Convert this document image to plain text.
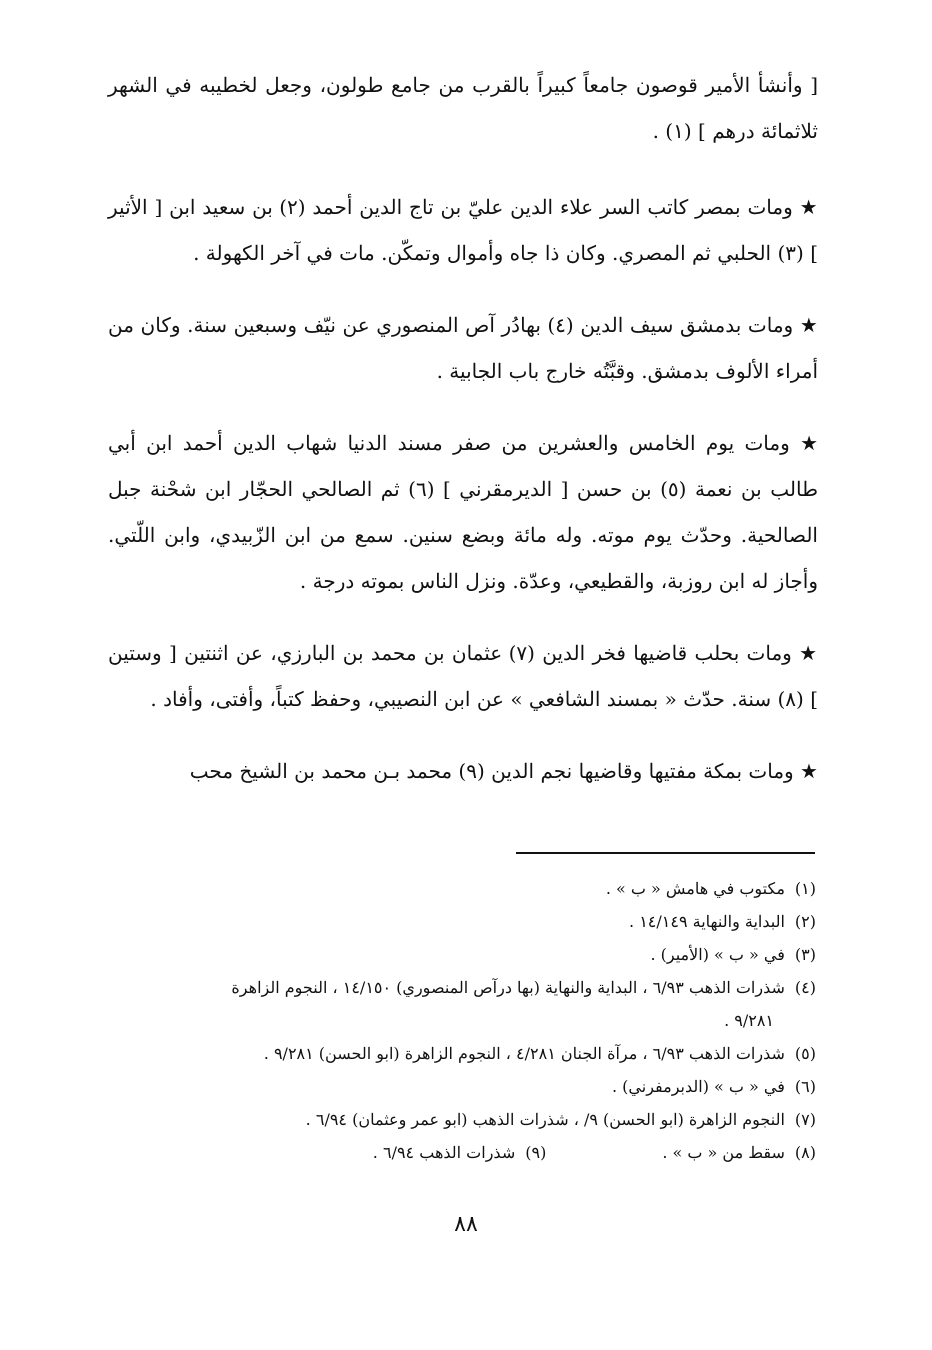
[ وأنشأ الأمير قوصون جامعاً كبيراً بالقرب من جامع طولون، وجعل لخطيبه في الشهر ثلاثمائة درهم ] (١) .

★ ومات بمصر كاتب السر علاء الدين عليّ بن تاج الدين أحمد (٢) بن سعيد ابن [ الأثير ] (٣) الحلبي ثم المصري. وكان ذا جاه وأموال وتمكّن. مات في آخر الكهولة .

★ ومات بدمشق سيف الدين (٤) بهادُر آص المنصوري عن نيّف وسبعين سنة. وكان من أمراء الألوف بدمشق. وقبَّتُه خارج باب الجابية .

★ ومات يوم الخامس والعشرين من صفر مسند الدنيا شهاب الدين أحمد ابن أبي طالب بن نعمة (٥) بن حسن [ الديرمقرني ] (٦) ثم الصالحي الحجّار ابن شحْنة جبل الصالحية. وحدّث يوم موته. وله مائة وبضع سنين. سمع من ابن الزّبيدي، وابن اللّتي. وأجاز له ابن روزبة، والقطيعي، وعدّة. ونزل الناس بموته درجة .

★ ومات بحلب قاضيها فخر الدين (٧) عثمان بن محمد بن البارزي، عن اثنتين [ وستين ] (٨) سنة. حدّث « بمسند الشافعي » عن ابن النصيبي، وحفظ كتباً، وأفتى، وأفاد .

★ ومات بمكة مفتيها وقاضيها نجم الدين (٩) محمد بـن محمد بن الشيخ محب

(١)مكتوب في هامش « ب » .

(٢)البداية والنهاية ١٤/١٤٩ .

(٣)في « ب » (الأمير) .

(٤)شذرات الذهب ٦/٩٣ ، البداية والنهاية (بها درآص المنصوري) ١٤/١٥٠ ، النجوم الزاهرة

٩/٢٨١ .

(٥)شذرات الذهب ٦/٩٣ ، مرآة الجنان ٤/٢٨١ ، النجوم الزاهرة (ابو الحسن) ٩/٢٨١ .

(٦)في « ب » (الدبرمفرني) .

(٧)النجوم الزاهرة (ابو الحسن) ٩/ ، شذرات الذهب (ابو عمر وعثمان) ٦/٩٤ .

(٨)سقط من « ب » .

(٩)شذرات الذهب ٦/٩٤ .

٨٨
